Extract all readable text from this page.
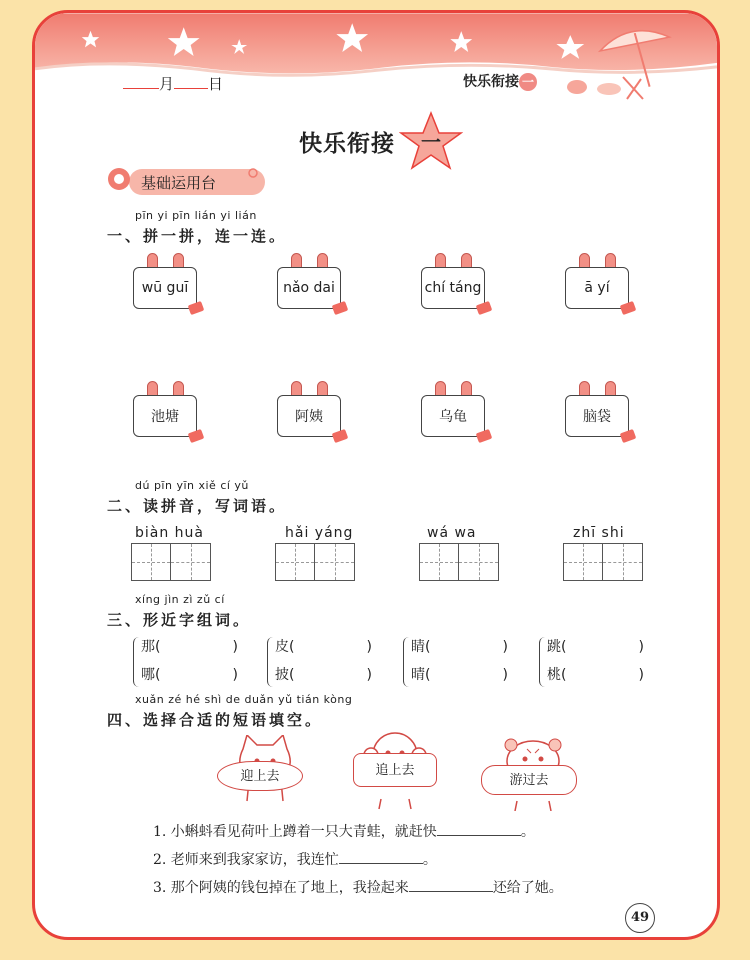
月 日	快乐衔接 一
快乐衔接 一
基础运用台
pīn yi pīn lián yi lián
一、拼一拼，连一连。
wū guī	nǎo dai	chí táng	ā yí
池塘	阿姨	乌龟	脑袋
dú pīn yīn xiě cí yǔ
二、读拼音，写词语。
biàn huà	hǎi yáng	wá wa	zhī shi
xíng jìn zì zǔ cí
三、形近字组词。
那(	)
哪(	)
皮(	)
披(	)
睛(	)
晴(	)
跳(	)
桃(	)
xuǎn zé hé shì de duǎn yǔ tián kòng
四、选择合适的短语填空。
迎上去	追上去
游过去
1. 小蝌蚪看见荷叶上蹲着一只大青蛙，就赶快	。
2. 老师来到我家家访，我连忙	。
3. 那个阿姨的钱包掉在了地上，我捡起来	还给了她。
49
